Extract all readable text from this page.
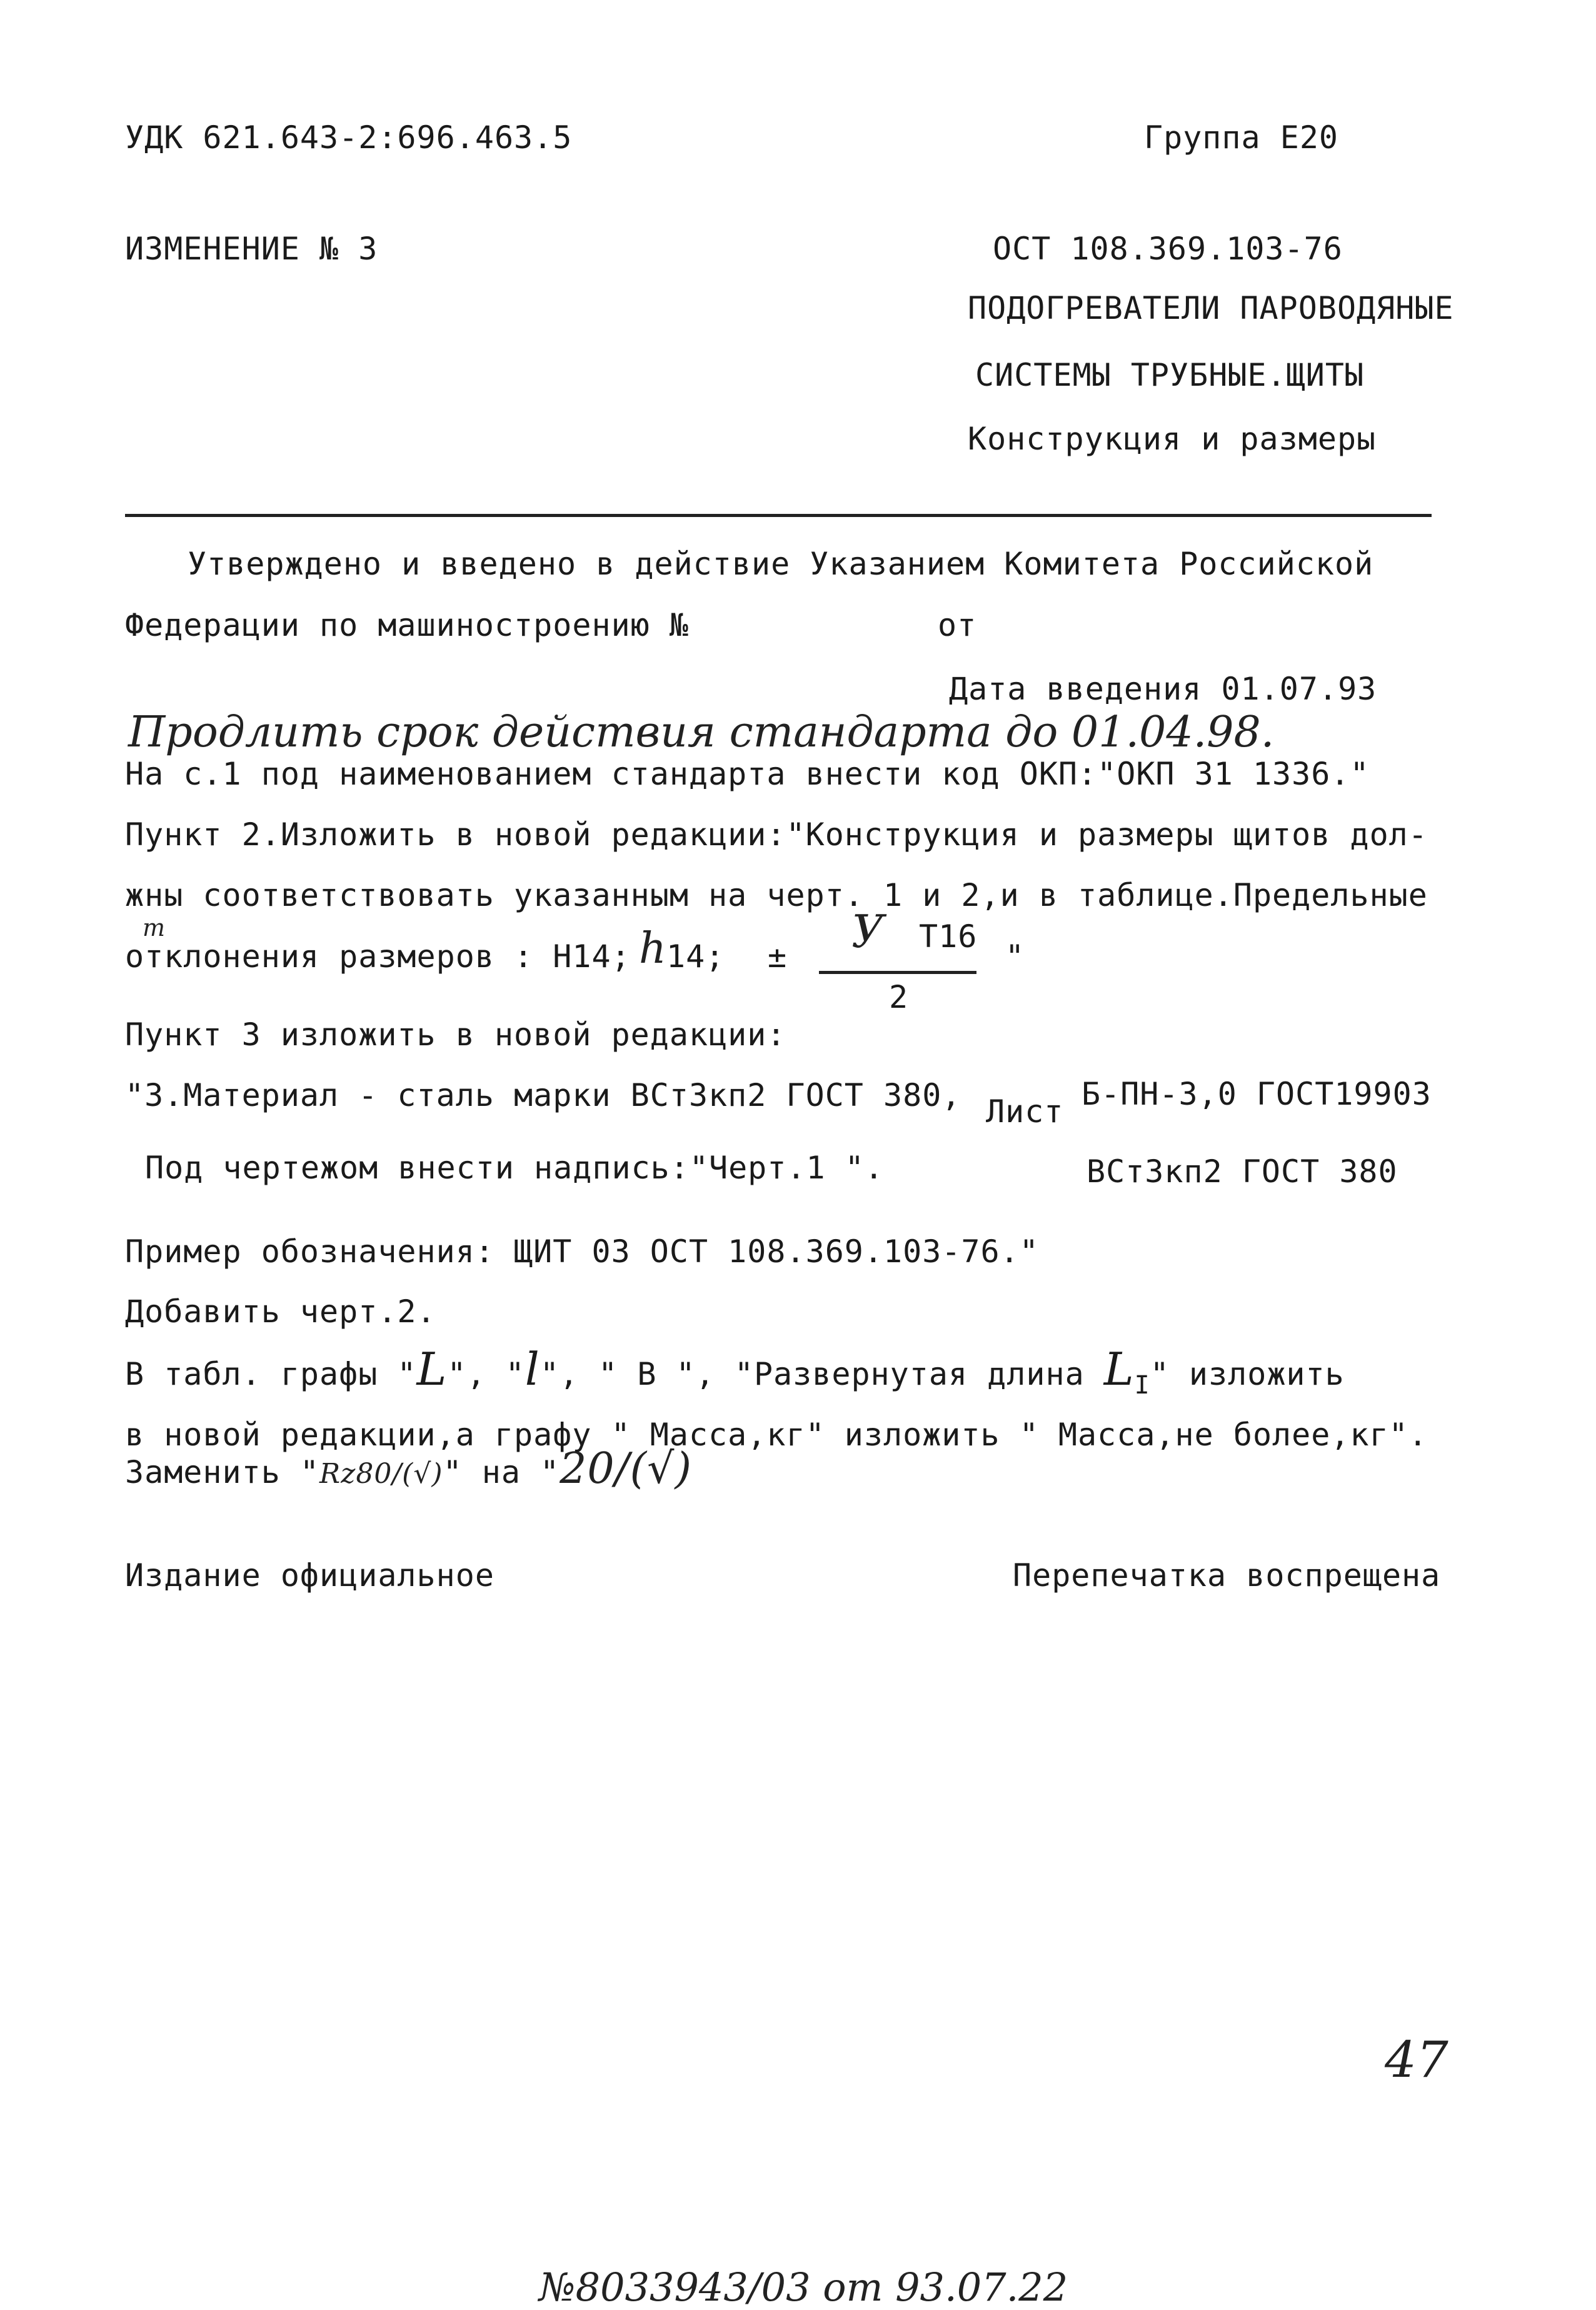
УДК 621.643-2:696.463.5	Группа Е20
ИЗМЕНЕНИЕ № 3	ОСТ 108.369.103-76
ПОДОГРЕВАТЕЛИ ПАРОВОДЯНЫЕ
СИСТЕМЫ ТРУБНЫЕ.ЩИТЫ
Конструкция и размеры
Утверждено и введено в действие Указанием Комитета Российской
Федерации по машиностроению №	от
Дата введения 01.07.93
Продлить срок действия стандарта до 01.04.98.
На с.1 под наименованием стандарта внести код ОКП:"ОКП 31 1336."
Пункт 2.Изложить в новой редакции:"Конструкция и размеры щитов дол-
жны соответствовать указанным на черт. 1 и 2,и в таблице.Предельные
т
отклонения размеров : Н14; h 14; ± У Т16
2
"
Пункт 3 изложить в новой редакции:
"3.Материал - сталь марки ВСт3кп2 ГОСТ 380, Лист Б-ПН-3,0 ГОСТ19903
Под чертежом внести надпись:"Черт.1 ".	ВСт3кп2 ГОСТ 380
Пример обозначения: ЩИТ 03 ОСТ 108.369.103-76."
Добавить черт.2.
В табл. графы "L", "l", " В ", "Развернутая длина $L_I$" изложить
в новой редакции,а графу " Масса,кг" изложить " Масса,не более,кг".
Заменить "Rz80/(√)" на "20/(√)
Издание официальное	Перепечатка воспрещена
№8033943/03 от 93.07.22
47
